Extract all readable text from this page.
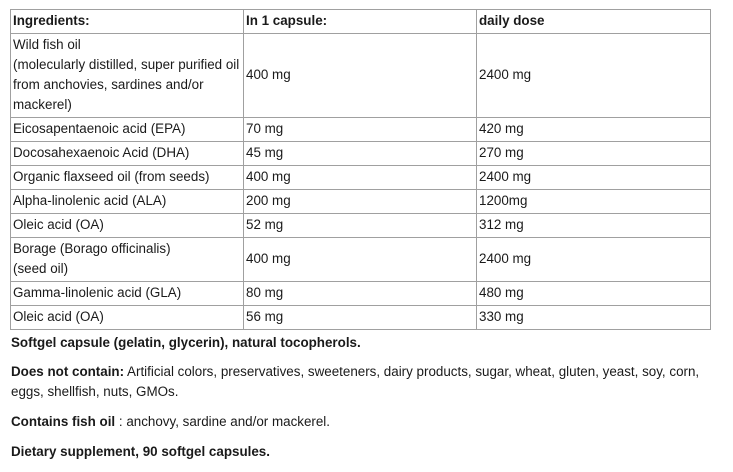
Ingredients:	In 1 capsule:	daily dose
Wild fish oil
(molecularly distilled, super purified oil from anchovies, sardines and/or mackerel)	400 mg	2400 mg
Eicosapentaenoic acid (EPA)	70 mg	420 mg
Docosahexaenoic Acid (DHA)	45 mg	270 mg
Organic flaxseed oil (from seeds)	400 mg	2400 mg
Alpha-linolenic acid (ALA)	200 mg	1200mg
Oleic acid (OA)	52 mg	312 mg
Borage (Borago officinalis)
(seed oil)	400 mg	2400 mg
Gamma-linolenic acid (GLA)	80 mg	480 mg
Oleic acid (OA)	56 mg	330 mg
Softgel capsule (gelatin, glycerin), natural tocopherols.
Does not contain: Artificial colors, preservatives, sweeteners, dairy products, sugar, wheat, gluten, yeast, soy, corn, eggs, shellfish, nuts, GMOs.
Contains fish oil : anchovy, sardine and/or mackerel.
Dietary supplement, 90 softgel capsules.
